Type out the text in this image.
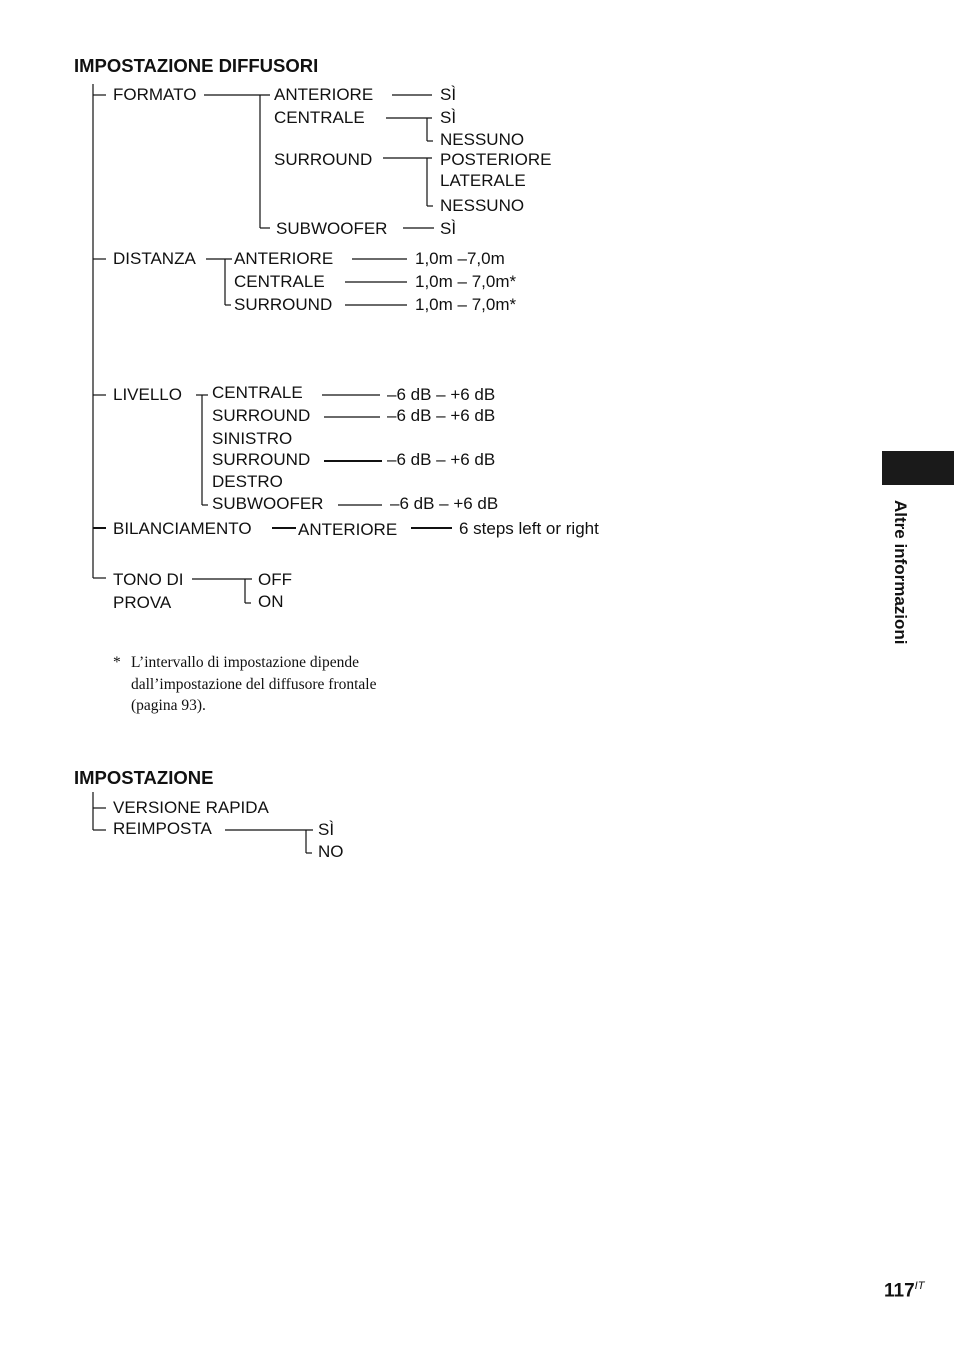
IMPOSTAZIONE DIFFUSORI
FORMATO	ANTERIORE	SÌ
CENTRALE	SÌ
NESSUNO
SURROUND	POSTERIORE
LATERALE
NESSUNO
SUBWOOFER	SÌ
DISTANZA ANTERIORE	1,0m –7,0m
CENTRALE	1,0m – 7,0m*
SURROUND	1,0m – 7,0m*
LIVELLO CENTRALE	–6 dB – +6 dB
SURROUND	–6 dB – +6 dB
SINISTRO
SURROUND	–6 dB – +6 dB
DESTRO
SUBWOOFER	–6 dB – +6 dB
BILANCIAMENTO	ANTERIORE	6 steps left or right
TONO DI
PROVA
OFF
ON
* L’intervallo di impostazione dipende
dall’impostazione del diffusore frontale
(pagina 93).
IMPOSTAZIONE
VERSIONE RAPIDA
REIMPOSTA	SÌ
NO
Altre informazioni
$117^{IT}$
